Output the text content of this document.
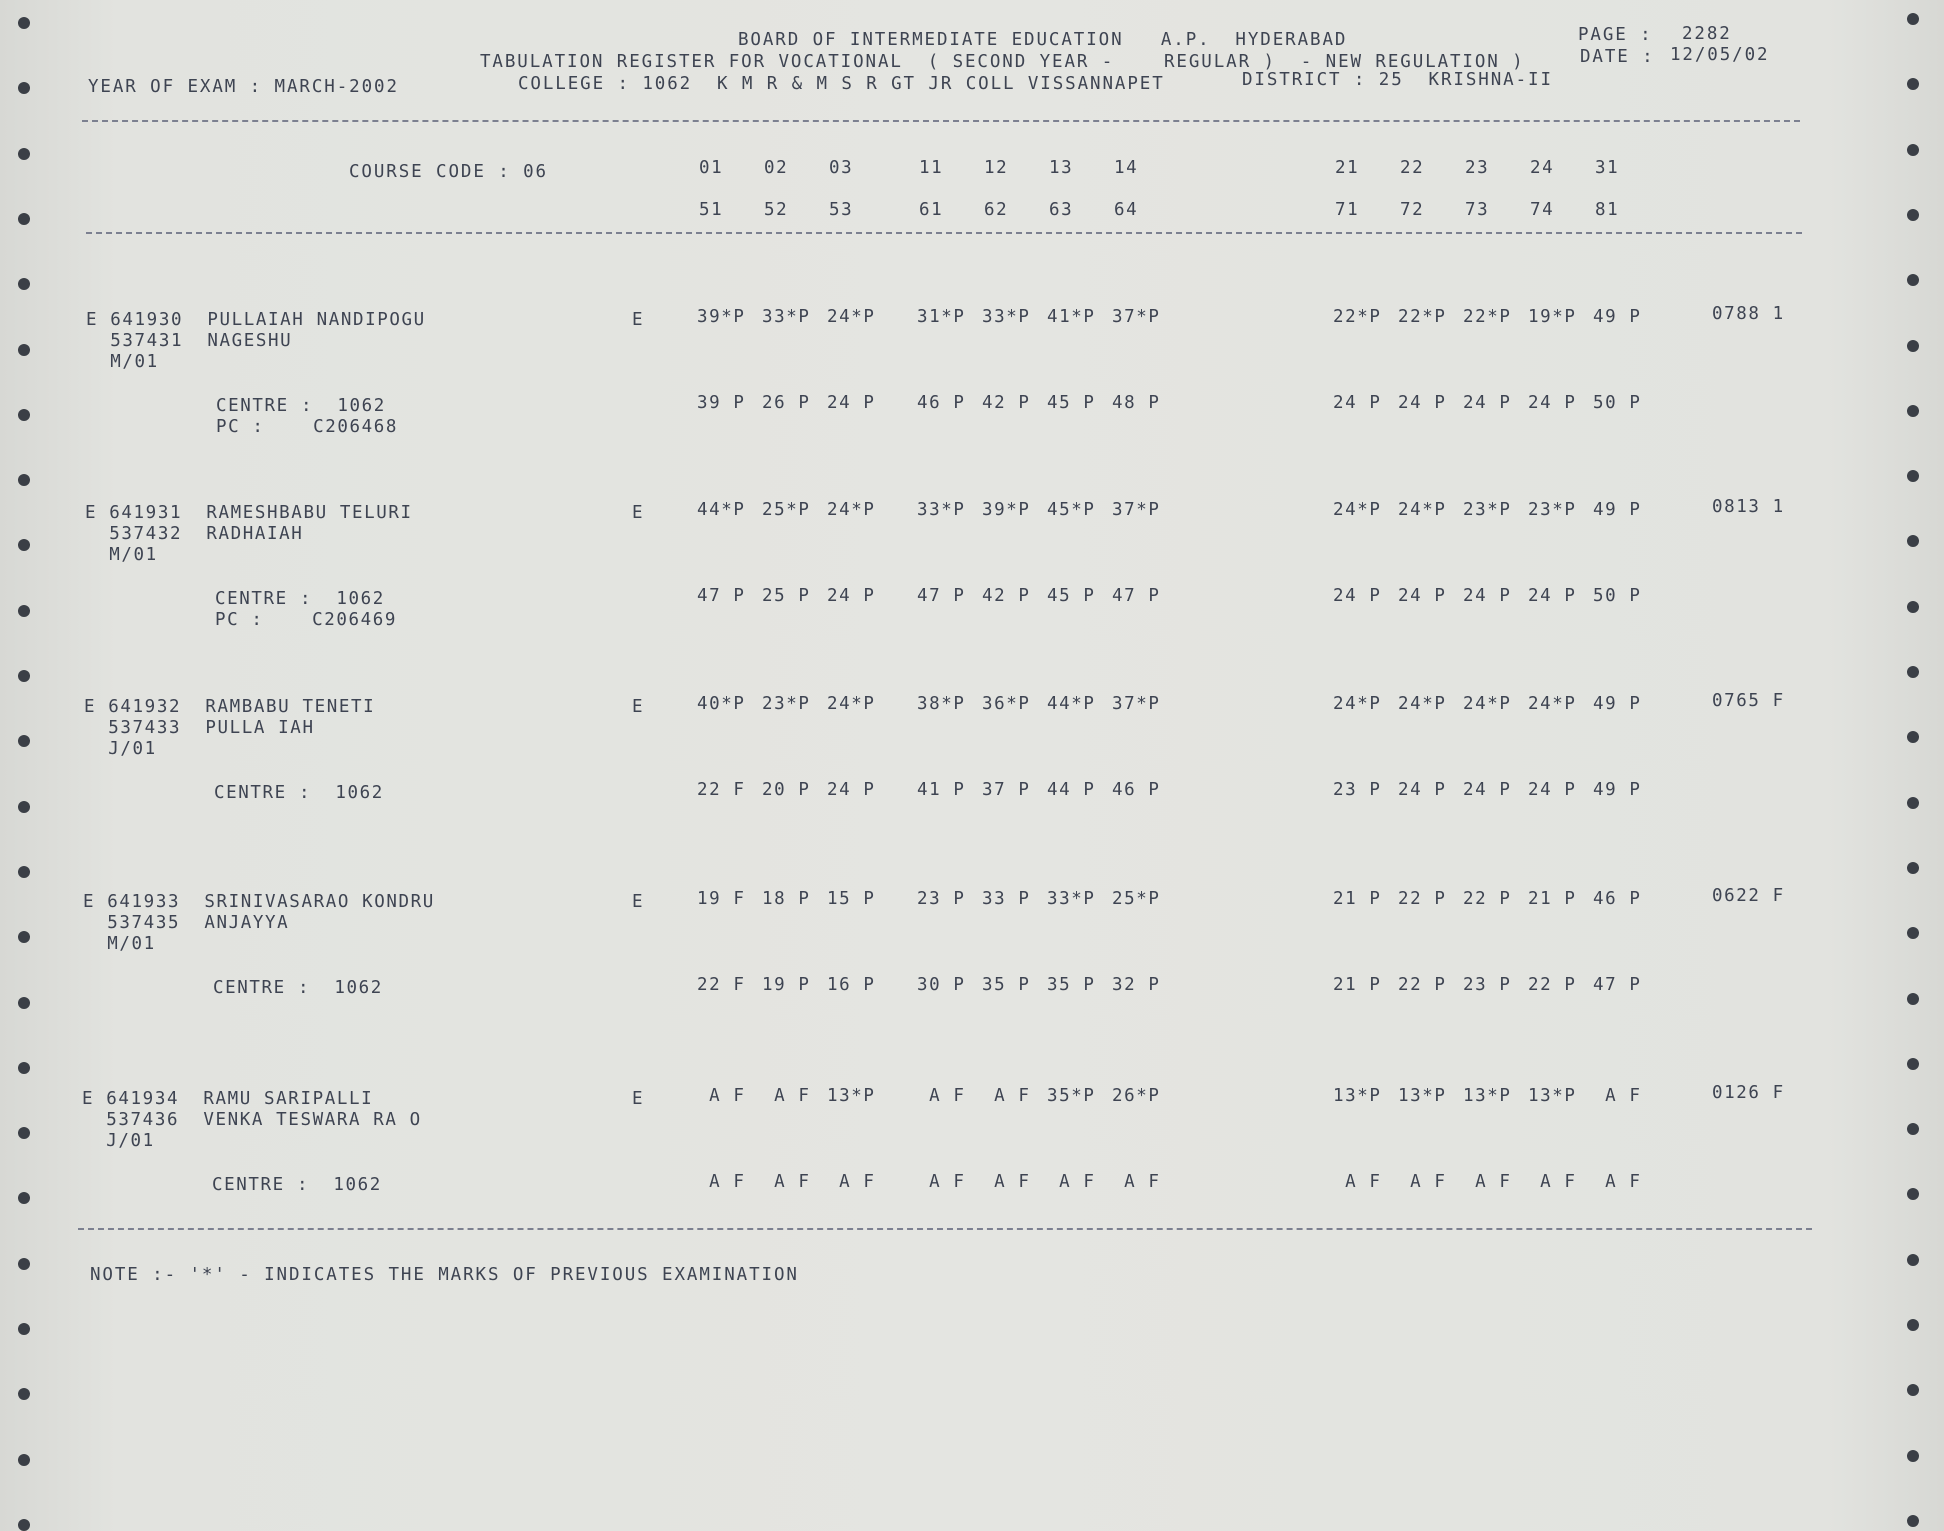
BOARD OF INTERMEDIATE EDUCATION   A.P.  HYDERABAD
TABULATION REGISTER FOR VOCATIONAL  ( SECOND YEAR -    REGULAR )  - NEW REGULATION )
COLLEGE : 1062  K M R & M S R GT JR COLL VISSANNAPET	DISTRICT : 25  KRISHNA-II
YEAR OF EXAM : MARCH-2002
PAGE : 2282
DATE : 12/05/02
COURSE CODE : 06	01 02 03	11 12 13 14	21 22 23 24 31
51 52 53	61 62 63 64	71 72 73 74 81
E 641930  PULLAIAH NANDIPOGU
537431  NAGESHU
M/01
E
CENTRE :  1062
PC :    C206468
39*P 33*P 24*P 31*P 33*P 41*P 37*P	22*P 22*P 22*P 19*P 49 P
39 P 26 P 24 P 46 P 42 P 45 P 48 P	24 P 24 P 24 P 24 P 50 P
0788 1
E 641931  RAMESHBABU TELURI
537432  RADHAIAH
M/01
E
CENTRE :  1062
PC :    C206469
44*P 25*P 24*P 33*P 39*P 45*P 37*P	24*P 24*P 23*P 23*P 49 P
47 P 25 P 24 P 47 P 42 P 45 P 47 P	24 P 24 P 24 P 24 P 50 P
0813 1
E 641932  RAMBABU TENETI
537433  PULLA IAH
J/01
E
CENTRE :  1062
40*P 23*P 24*P 38*P 36*P 44*P 37*P	24*P 24*P 24*P 24*P 49 P
22 F 20 P 24 P 41 P 37 P 44 P 46 P	23 P 24 P 24 P 24 P 49 P
0765 F
E 641933  SRINIVASARAO KONDRU
537435  ANJAYYA
M/01
E
CENTRE :  1062
19 F 18 P 15 P 23 P 33 P 33*P 25*P	21 P 22 P 22 P 21 P 46 P
22 F 19 P 16 P 30 P 35 P 35 P 32 P	21 P 22 P 23 P 22 P 47 P
0622 F
E 641934  RAMU SARIPALLI
537436  VENKA TESWARA RA O
J/01
E
CENTRE :  1062
A F A F 13*P A F A F 35*P 26*P	13*P 13*P 13*P 13*P A F
A F A F A F A F A F A F A F	A F A F A F A F A F
0126 F
NOTE :- '*' - INDICATES THE MARKS OF PREVIOUS EXAMINATION
